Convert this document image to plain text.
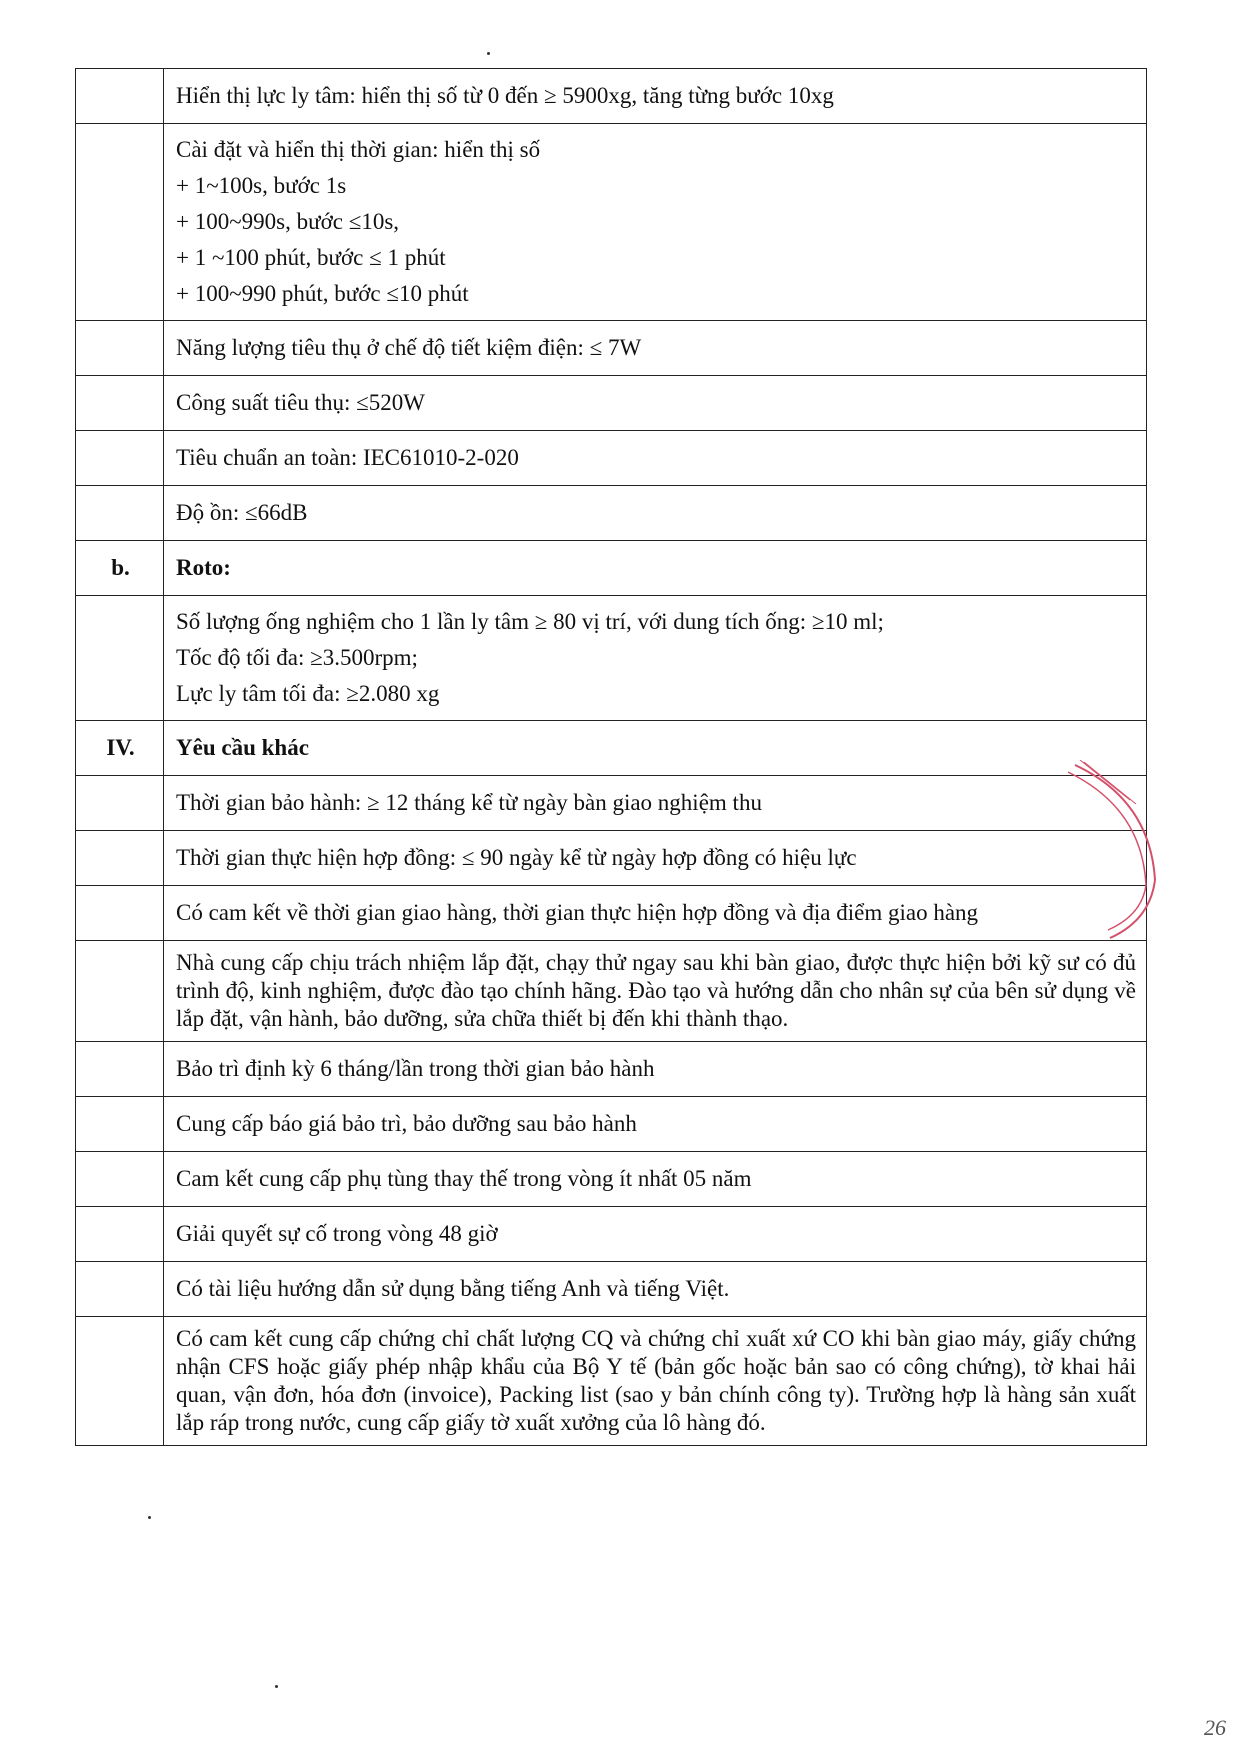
	Hiển thị lực ly tâm: hiển thị số từ 0 đến ≥ 5900xg, tăng từng bước 10xg

	Cài đặt và hiển thị thời gian: hiển thị số
+ 1~100s, bước 1s
+ 100~990s, bước ≤10s,
+ 1 ~100 phút, bước ≤ 1 phút
+ 100~990 phút, bước ≤10 phút

	Năng lượng tiêu thụ ở chế độ tiết kiệm điện: ≤ 7W

	Công suất tiêu thụ: ≤520W

	Tiêu chuẩn an toàn: IEC61010-2-020

	Độ ồn: ≤66dB

b.	Roto:

	Số lượng ống nghiệm cho 1 lần ly tâm ≥ 80 vị trí, với dung tích ống: ≥10 ml;
Tốc độ tối đa: ≥3.500rpm;
Lực ly tâm tối đa: ≥2.080 xg

IV.	Yêu cầu khác

	Thời gian bảo hành: ≥ 12 tháng kể từ ngày bàn giao nghiệm thu

	Thời gian thực hiện hợp đồng: ≤ 90 ngày kể từ ngày hợp đồng có hiệu lực

	Có cam kết về thời gian giao hàng, thời gian thực hiện hợp đồng và địa điểm giao hàng

	Nhà cung cấp chịu trách nhiệm lắp đặt, chạy thử ngay sau khi bàn giao, được thực hiện bởi kỹ sư có đủ trình độ, kinh nghiệm, được đào tạo chính hãng. Đào tạo và hướng dẫn cho nhân sự của bên sử dụng về lắp đặt, vận hành, bảo dưỡng, sửa chữa thiết bị đến khi thành thạo.

	Bảo trì định kỳ 6 tháng/lần trong thời gian bảo hành

	Cung cấp báo giá bảo trì, bảo dưỡng sau bảo hành

	Cam kết cung cấp phụ tùng thay thế trong vòng ít nhất 05 năm

	Giải quyết sự cố trong vòng 48 giờ

	Có tài liệu hướng dẫn sử dụng bằng tiếng Anh và tiếng Việt.

	Có cam kết cung cấp chứng chỉ chất lượng CQ và chứng chỉ xuất xứ CO khi bàn giao máy, giấy chứng nhận CFS hoặc giấy phép nhập khẩu của Bộ Y tế (bản gốc hoặc bản sao có công chứng), tờ khai hải quan, vận đơn, hóa đơn (invoice), Packing list (sao y bản chính công ty). Trường hợp là hàng sản xuất lắp ráp trong nước, cung cấp giấy tờ xuất xưởng của lô hàng đó.
26
